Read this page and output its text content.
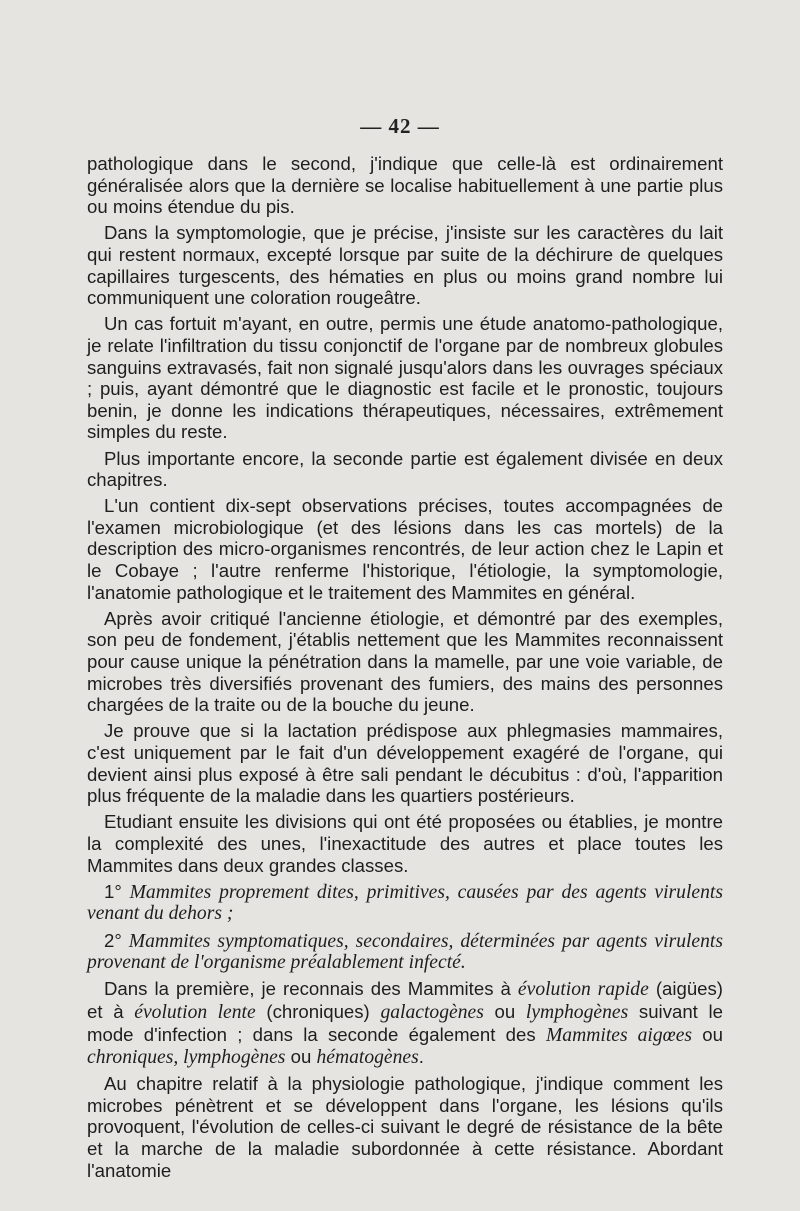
— 42 —

pathologique dans le second, j'indique que celle-là est ordinairement généralisée alors que la dernière se localise habituellement à une partie plus ou moins étendue du pis.

Dans la symptomologie, que je précise, j'insiste sur les caractères du lait qui restent normaux, excepté lorsque par suite de la déchirure de quelques capillaires turgescents, des hématies en plus ou moins grand nombre lui communiquent une coloration rougeâtre.

Un cas fortuit m'ayant, en outre, permis une étude anatomo-pathologique, je relate l'infiltration du tissu conjonctif de l'organe par de nombreux globules sanguins extravasés, fait non signalé jusqu'alors dans les ouvrages spéciaux ; puis, ayant démontré que le diagnostic est facile et le pronostic, toujours benin, je donne les indications thérapeutiques, nécessaires, extrêmement simples du reste.

Plus importante encore, la seconde partie est également divisée en deux chapitres.

L'un contient dix-sept observations précises, toutes accompagnées de l'examen microbiologique (et des lésions dans les cas mortels) de la description des micro-organismes rencontrés, de leur action chez le Lapin et le Cobaye ; l'autre renferme l'historique, l'étiologie, la symptomologie, l'anatomie pathologique et le traitement des Mammites en général.

Après avoir critiqué l'ancienne étiologie, et démontré par des exemples, son peu de fondement, j'établis nettement que les Mammites reconnaissent pour cause unique la pénétration dans la mamelle, par une voie variable, de microbes très diversifiés provenant des fumiers, des mains des personnes chargées de la traite ou de la bouche du jeune.

Je prouve que si la lactation prédispose aux phlegmasies mammaires, c'est uniquement par le fait d'un développement exagéré de l'organe, qui devient ainsi plus exposé à être sali pendant le décubitus : d'où, l'apparition plus fréquente de la maladie dans les quartiers postérieurs.

Etudiant ensuite les divisions qui ont été proposées ou établies, je montre la complexité des unes, l'inexactitude des autres et place toutes les Mammites dans deux grandes classes.

1° Mammites proprement dites, primitives, causées par des agents virulents venant du dehors ;

2° Mammites symptomatiques, secondaires, déterminées par agents virulents provenant de l'organisme préalablement infecté.

Dans la première, je reconnais des Mammites à évolution rapide (aigües) et à évolution lente (chroniques) galactogènes ou lymphogènes suivant le mode d'infection ; dans la seconde également des Mammites aigœes ou chroniques, lymphogènes ou hématogènes.

Au chapitre relatif à la physiologie pathologique, j'indique comment les microbes pénètrent et se développent dans l'organe, les lésions qu'ils provoquent, l'évolution de celles-ci suivant le degré de résistance de la bête et la marche de la maladie subordonnée à cette résistance. Abordant l'anatomie
